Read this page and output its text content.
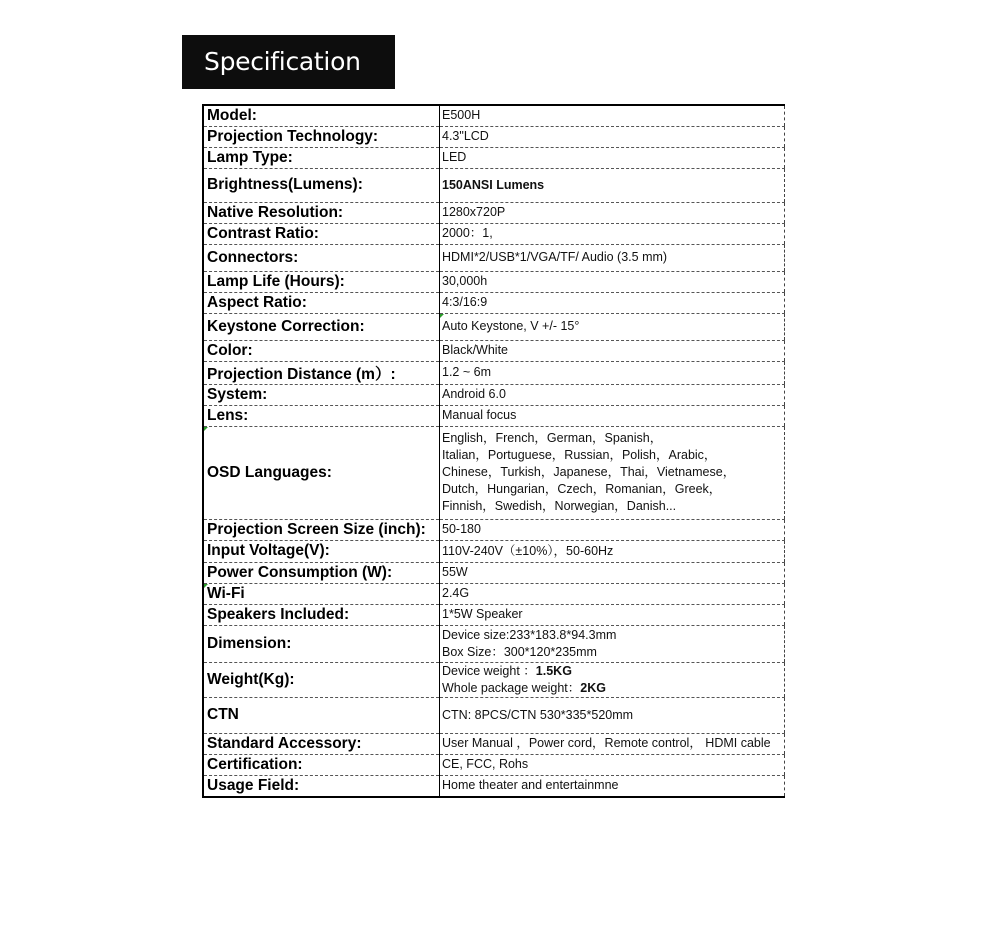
Specification
Model:	E500H
Projection Technology:	4.3"LCD
Lamp Type:	LED
Brightness(Lumens):	150ANSI Lumens
Native Resolution:	1280x720P
Contrast Ratio:	2000：1,
Connectors:	HDMI*2/USB*1/VGA/TF/ Audio (3.5 mm)
Lamp Life (Hours):	30,000h
Aspect Ratio:	4:3/16:9
Keystone Correction:	Auto Keystone, V +/- 15°
Color:	Black/White
Projection Distance (m）:	1.2 ~ 6m
System:	Android 6.0
Lens:	Manual focus
OSD Languages:	English，French，German，Spanish，
Italian，Portuguese，Russian，Polish，Arabic，
Chinese，Turkish，Japanese，Thai，Vietnamese，
Dutch，Hungarian，Czech，Romanian，Greek，
Finnish，Swedish，Norwegian，Danish...

Projection Screen Size (inch):	50-180
Input Voltage(V):	110V-240V（±10%），50-60Hz
Power Consumption (W):	55W
Wi-Fi	2.4G
Speakers Included:	1*5W Speaker
Dimension:	Device size:233*183.8*94.3mm
Box Size：300*120*235mm

Weight(Kg):	Device weight ：1.5KG
Whole package weight：2KG

CTN	CTN: 8PCS/CTN 530*335*520mm
Standard Accessory:	User Manual ，Power cord，Remote control， HDMI cable
Certification:	CE, FCC, Rohs
Usage Field:	Home theater and entertainmne
